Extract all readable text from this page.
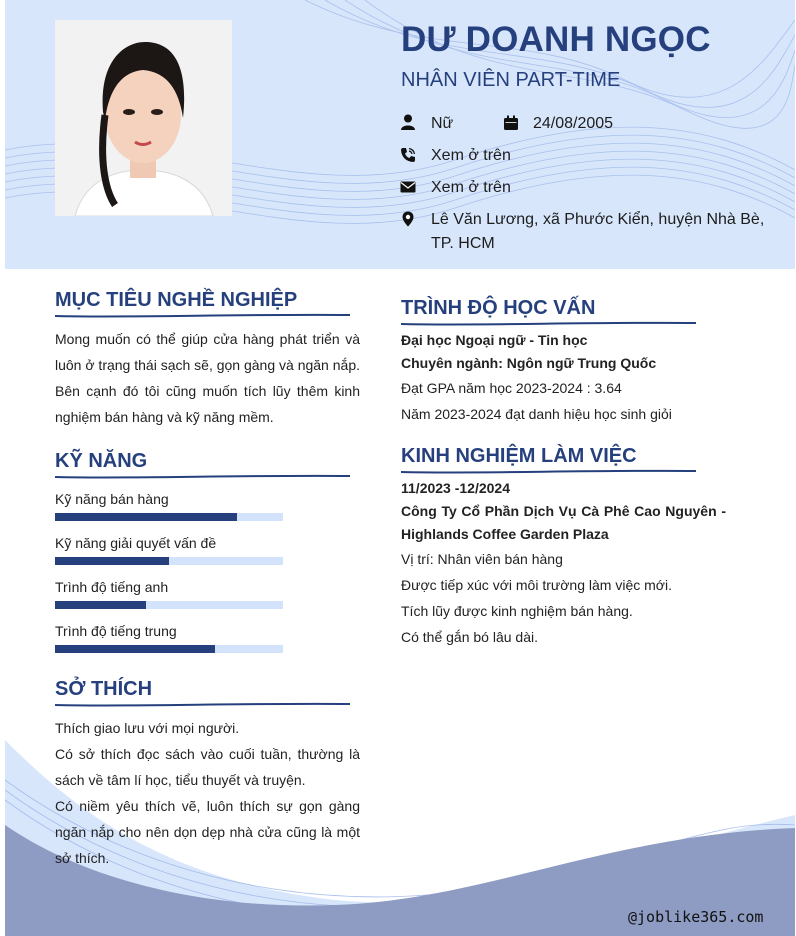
DƯ DOANH NGỌC
NHÂN VIÊN PART-TIME
Nữ	24/08/2005
Xem ở trên
Xem ở trên
Lê Văn Lương, xã Phước Kiển, huyện Nhà Bè,
TP. HCM
MỤC TIÊU NGHỀ NGHIỆP
Mong muốn có thể giúp cửa hàng phát triển và luôn ở trạng thái sạch sẽ, gọn gàng và ngăn nắp. Bên cạnh đó tôi cũng muốn tích lũy thêm kinh nghiệm bán hàng và kỹ năng mềm.
KỸ NĂNG
Kỹ năng bán hàng
Kỹ năng giải quyết vấn đề
Trình độ tiếng anh
Trình độ tiếng trung
SỞ THÍCH
Thích giao lưu với mọi người.
Có sở thích đọc sách vào cuối tuần, thường là sách về tâm lí học, tiểu thuyết và truyện.
Có niềm yêu thích vẽ, luôn thích sự gọn gàng ngăn nắp cho nên dọn dẹp nhà cửa cũng là một sở thích.
TRÌNH ĐỘ HỌC VẤN
Đại học Ngoại ngữ - Tin học
Chuyên ngành: Ngôn ngữ Trung Quốc
Đạt GPA năm học 2023-2024 : 3.64
Năm 2023-2024 đạt danh hiệu học sinh giỏi
KINH NGHIỆM LÀM VIỆC
11/2023 -12/2024
Công Ty Cổ Phần Dịch Vụ Cà Phê Cao Nguyên -
Highlands Coffee Garden Plaza
Vị trí: Nhân viên bán hàng
Được tiếp xúc với môi trường làm việc mới.
Tích lũy được kinh nghiệm bán hàng.
Có thể gắn bó lâu dài.
@joblike365.com
